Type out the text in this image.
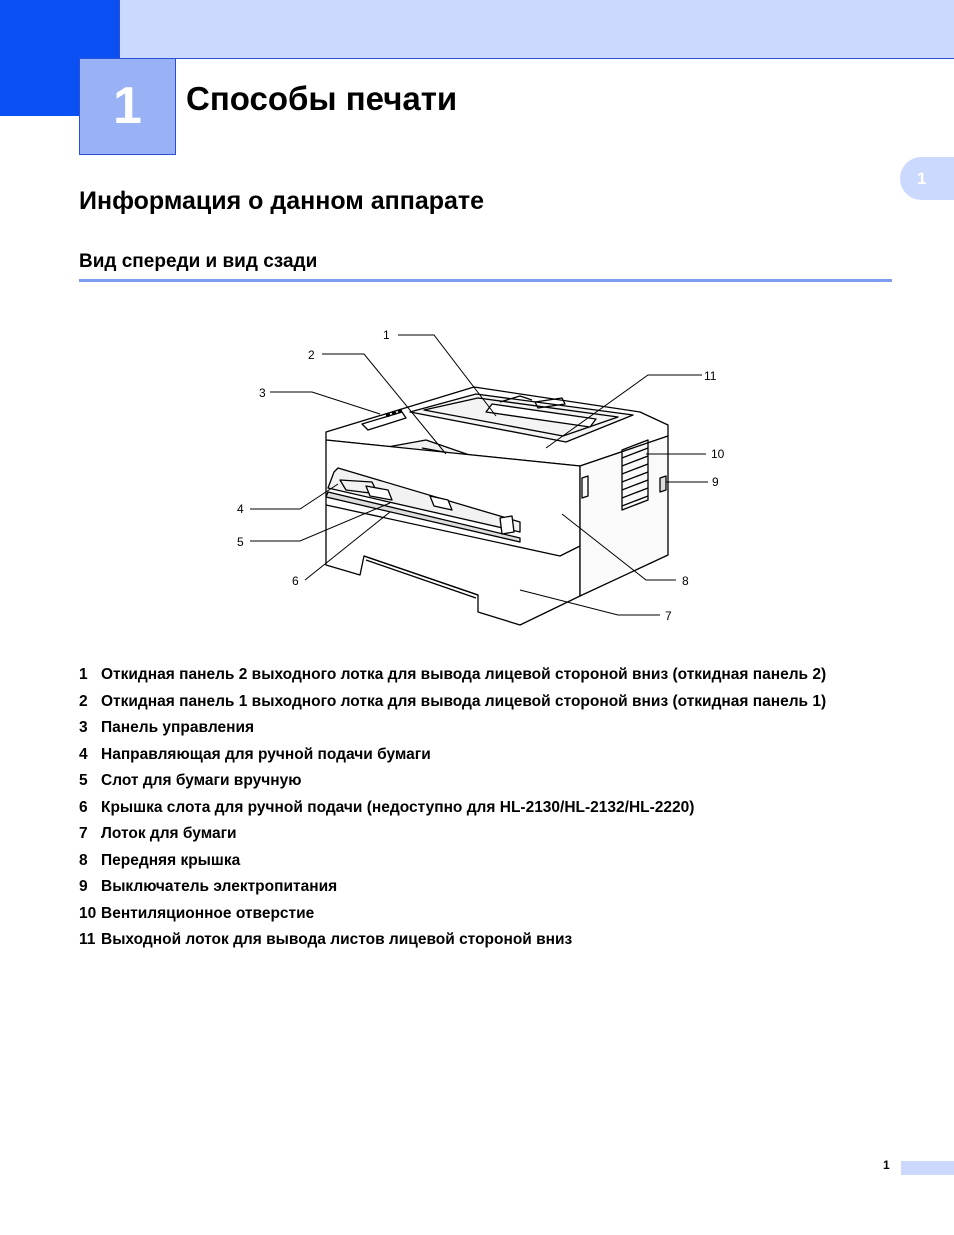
1	Способы печати
1
Информация о данном аппарате
Вид спереди и вид сзади
1
2
3
4
5
6
7
8
9
10
11
1 Откидная панель 2 выходного лотка для вывода лицевой стороной вниз (откидная панель 2)
2 Откидная панель 1 выходного лотка для вывода лицевой стороной вниз (откидная панель 1)
3 Панель управления
4 Направляющая для ручной подачи бумаги
5 Слот для бумаги вручную
6 Крышка слота для ручной подачи (недоступно для HL-2130/HL-2132/HL-2220)
7 Лоток для бумаги
8 Передняя крышка
9 Выключатель электропитания
10 Вентиляционное отверстие
11 Выходной лоток для вывода листов лицевой стороной вниз
1
